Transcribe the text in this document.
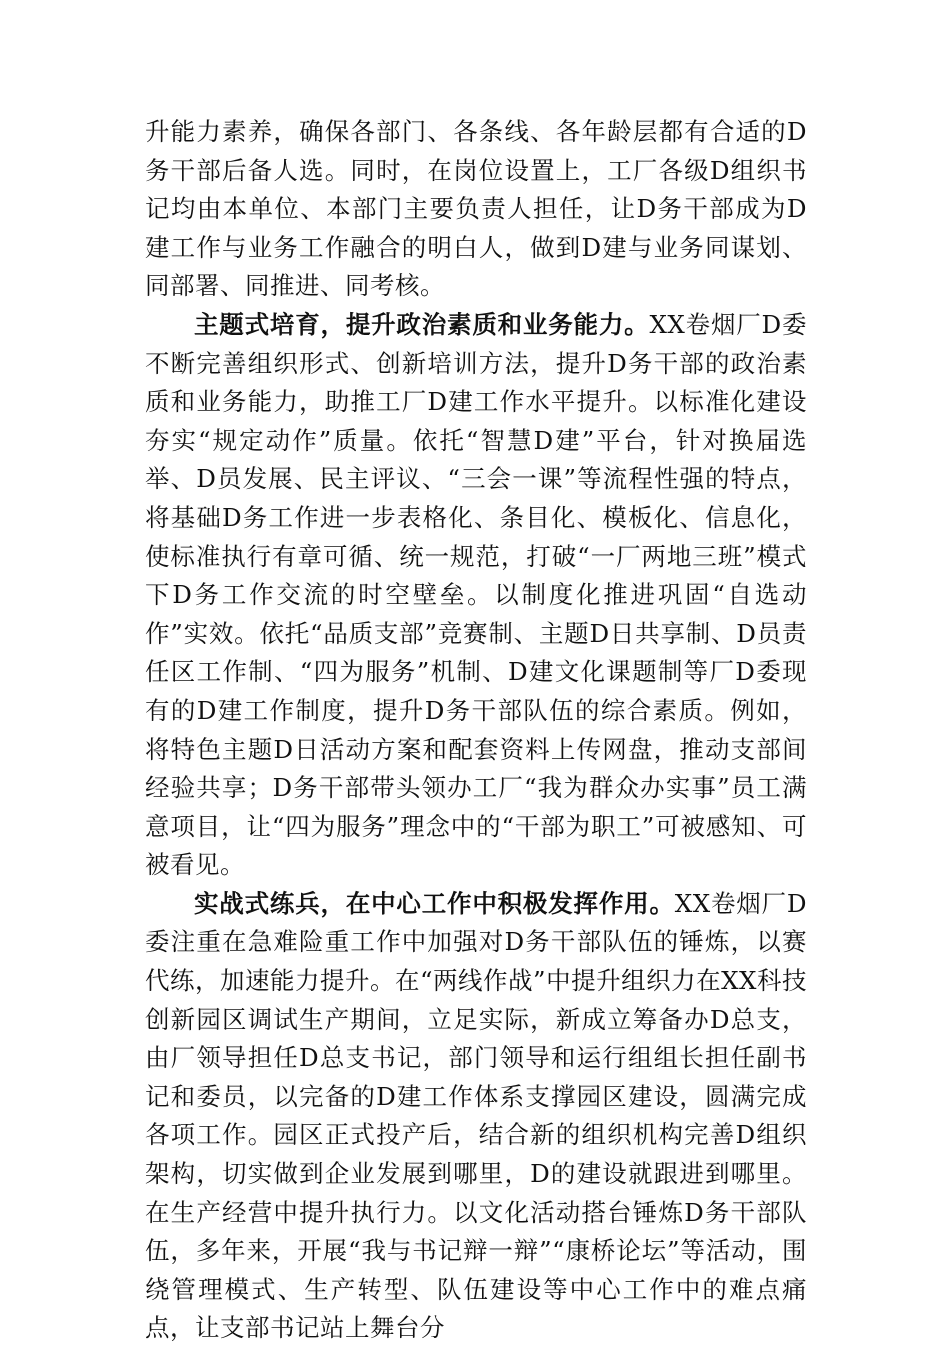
升能力素养，确保各部门、各条线、各年龄层都有合适的D务干部后备人选。同时，在岗位设置上，工厂各级D组织书记均由本单位、本部门主要负责人担任，让D务干部成为D建工作与业务工作融合的明白人，做到D建与业务同谋划、同部署、同推进、同考核。

主题式培育，提升政治素质和业务能力。XX卷烟厂D委不断完善组织形式、创新培训方法，提升D务干部的政治素质和业务能力，助推工厂D建工作水平提升。以标准化建设夯实“规定动作”质量。依托“智慧D建”平台，针对换届选举、D员发展、民主评议、“三会一课”等流程性强的特点，将基础D务工作进一步表格化、条目化、模板化、信息化，使标准执行有章可循、统一规范，打破“一厂两地三班”模式下D务工作交流的时空壁垒。以制度化推进巩固“自选动作”实效。依托“品质支部”竞赛制、主题D日共享制、D员责任区工作制、“四为服务”机制、D建文化课题制等厂D委现有的D建工作制度，提升D务干部队伍的综合素质。例如，将特色主题D日活动方案和配套资料上传网盘，推动支部间经验共享；D务干部带头领办工厂“我为群众办实事”员工满意项目，让“四为服务”理念中的“干部为职工”可被感知、可被看见。

实战式练兵，在中心工作中积极发挥作用。XX卷烟厂D委注重在急难险重工作中加强对D务干部队伍的锤炼，以赛代练，加速能力提升。在“两线作战”中提升组织力在XX科技创新园区调试生产期间，立足实际，新成立筹备办D总支，由厂领导担任D总支书记，部门领导和运行组组长担任副书记和委员，以完备的D建工作体系支撑园区建设，圆满完成各项工作。园区正式投产后，结合新的组织机构完善D组织架构，切实做到企业发展到哪里，D的建设就跟进到哪里。在生产经营中提升执行力。以文化活动搭台锤炼D务干部队伍，多年来，开展“我与书记辩一辩”“康桥论坛”等活动，围绕管理模式、生产转型、队伍建设等中心工作中的难点痛点，让支部书记站上舞台分
